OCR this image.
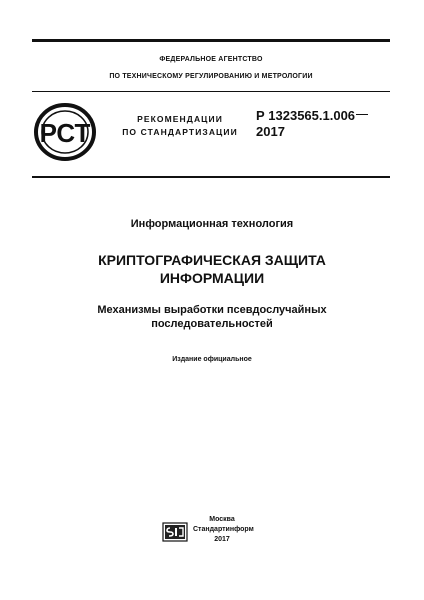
ФЕДЕРАЛЬНОЕ АГЕНТСТВО
ПО ТЕХНИЧЕСКОМУ РЕГУЛИРОВАНИЮ И МЕТРОЛОГИИ
РСТ	РЕКОМЕНДАЦИИ
ПО СТАНДАРТИЗАЦИИ
Р 1323565.1.006
2017
Информационная технология
КРИПТОГРАФИЧЕСКАЯ ЗАЩИТА
ИНФОРМАЦИИ
Механизмы выработки псевдослучайных
последовательностей
Издание официальное
Москва
Стандартинформ
2017
